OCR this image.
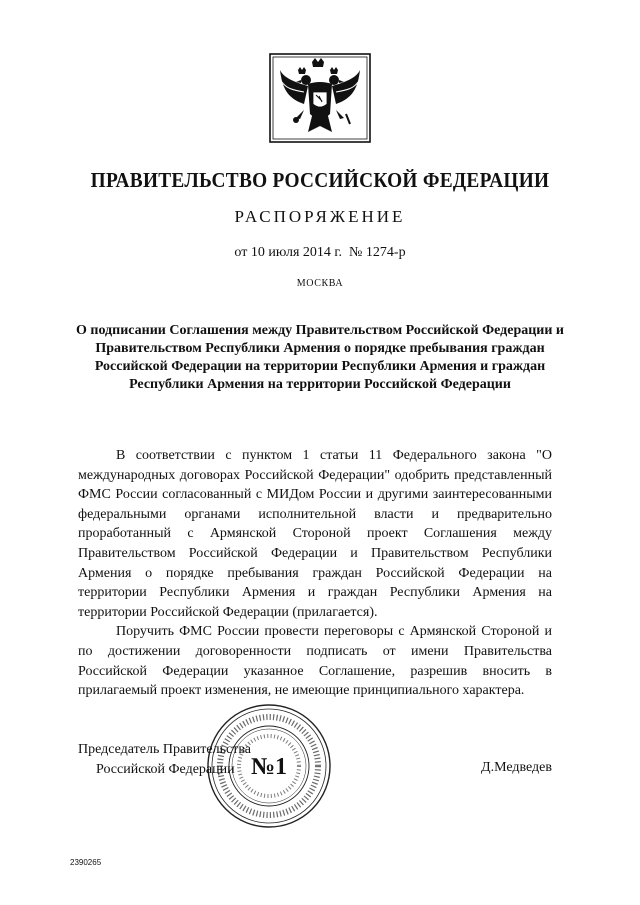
ПРАВИТЕЛЬСТВО РОССИЙСКОЙ ФЕДЕРАЦИИ
РАСПОРЯЖЕНИЕ
от 10 июля 2014 г.  № 1274-р
МОСКВА
О подписании Соглашения между Правительством Российской Федерации и Правительством Республики Армения о порядке пребывания граждан Российской Федерации на территории Республики Армения и граждан Республики Армения на территории Российской Федерации

В соответствии с пунктом 1 статьи 11 Федерального закона "О международных договорах Российской Федерации" одобрить представленный ФМС России согласованный с МИДом России и другими заинтересованными федеральными органами исполнительной власти и предварительно проработанный с Армянской Стороной проект Соглашения между Правительством Российской Федерации и Правительством Республики Армения о порядке пребывания граждан Российской Федерации на территории Республики Армения и граждан Республики Армения на территории Российской Федерации (прилагается).

Поручить ФМС России провести переговоры с Армянской Стороной и по достижении договоренности подписать от имени Правительства Российской Федерации указанное Соглашение, разрешив вносить в прилагаемый проект изменения, не имеющие принципиального характера.

№1
Председатель Правительства
Российской Федерации	Д.Медведев
2390265
